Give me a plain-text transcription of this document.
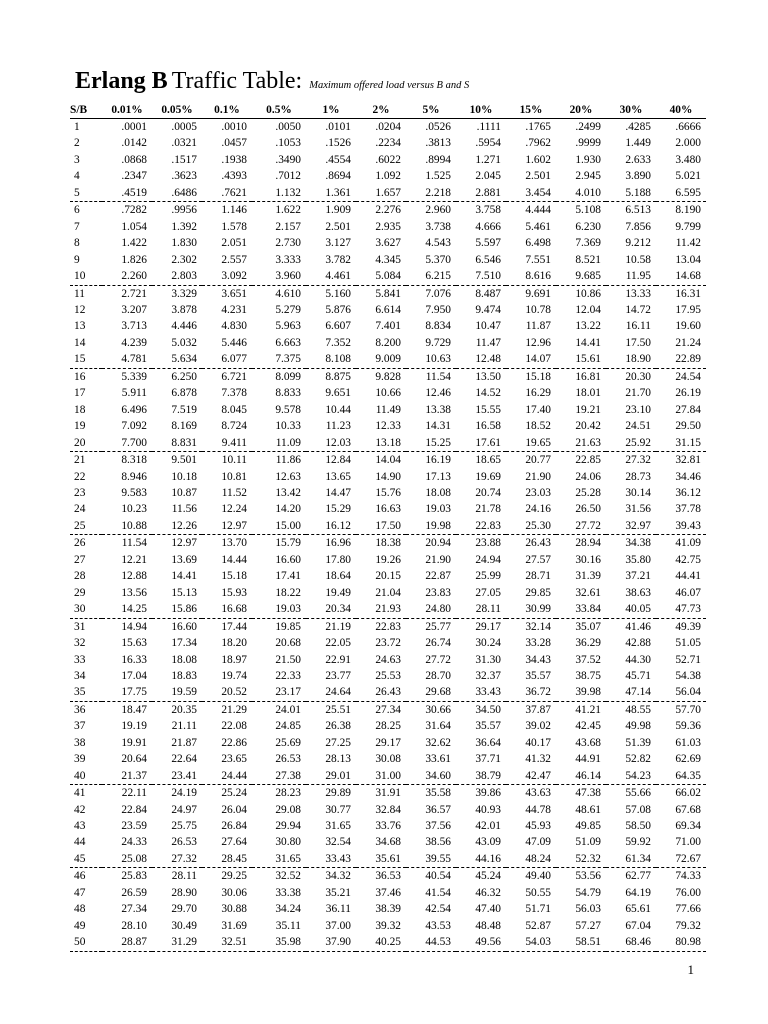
Erlang B Traffic Table: Maximum offered load versus B and S
S/B	0.01%	0.05%	0.1%	0.5%	1%	2%	5%	10%	15%	20%	30%	40%
1	.0001	.0005	.0010	.0050	.0101	.0204	.0526	.1111	.1765	.2499	.4285	.6666
2	.0142	.0321	.0457	.1053	.1526	.2234	.3813	.5954	.7962	.9999	1.449	2.000
3	.0868	.1517	.1938	.3490	.4554	.6022	.8994	1.271	1.602	1.930	2.633	3.480
4	.2347	.3623	.4393	.7012	.8694	1.092	1.525	2.045	2.501	2.945	3.890	5.021
5	.4519	.6486	.7621	1.132	1.361	1.657	2.218	2.881	3.454	4.010	5.188	6.595
6	.7282	.9956	1.146	1.622	1.909	2.276	2.960	3.758	4.444	5.108	6.513	8.190
7	1.054	1.392	1.578	2.157	2.501	2.935	3.738	4.666	5.461	6.230	7.856	9.799
8	1.422	1.830	2.051	2.730	3.127	3.627	4.543	5.597	6.498	7.369	9.212	11.42
9	1.826	2.302	2.557	3.333	3.782	4.345	5.370	6.546	7.551	8.521	10.58	13.04
10	2.260	2.803	3.092	3.960	4.461	5.084	6.215	7.510	8.616	9.685	11.95	14.68
11	2.721	3.329	3.651	4.610	5.160	5.841	7.076	8.487	9.691	10.86	13.33	16.31
12	3.207	3.878	4.231	5.279	5.876	6.614	7.950	9.474	10.78	12.04	14.72	17.95
13	3.713	4.446	4.830	5.963	6.607	7.401	8.834	10.47	11.87	13.22	16.11	19.60
14	4.239	5.032	5.446	6.663	7.352	8.200	9.729	11.47	12.96	14.41	17.50	21.24
15	4.781	5.634	6.077	7.375	8.108	9.009	10.63	12.48	14.07	15.61	18.90	22.89
16	5.339	6.250	6.721	8.099	8.875	9.828	11.54	13.50	15.18	16.81	20.30	24.54
17	5.911	6.878	7.378	8.833	9.651	10.66	12.46	14.52	16.29	18.01	21.70	26.19
18	6.496	7.519	8.045	9.578	10.44	11.49	13.38	15.55	17.40	19.21	23.10	27.84
19	7.092	8.169	8.724	10.33	11.23	12.33	14.31	16.58	18.52	20.42	24.51	29.50
20	7.700	8.831	9.411	11.09	12.03	13.18	15.25	17.61	19.65	21.63	25.92	31.15
21	8.318	9.501	10.11	11.86	12.84	14.04	16.19	18.65	20.77	22.85	27.32	32.81
22	8.946	10.18	10.81	12.63	13.65	14.90	17.13	19.69	21.90	24.06	28.73	34.46
23	9.583	10.87	11.52	13.42	14.47	15.76	18.08	20.74	23.03	25.28	30.14	36.12
24	10.23	11.56	12.24	14.20	15.29	16.63	19.03	21.78	24.16	26.50	31.56	37.78
25	10.88	12.26	12.97	15.00	16.12	17.50	19.98	22.83	25.30	27.72	32.97	39.43
26	11.54	12.97	13.70	15.79	16.96	18.38	20.94	23.88	26.43	28.94	34.38	41.09
27	12.21	13.69	14.44	16.60	17.80	19.26	21.90	24.94	27.57	30.16	35.80	42.75
28	12.88	14.41	15.18	17.41	18.64	20.15	22.87	25.99	28.71	31.39	37.21	44.41
29	13.56	15.13	15.93	18.22	19.49	21.04	23.83	27.05	29.85	32.61	38.63	46.07
30	14.25	15.86	16.68	19.03	20.34	21.93	24.80	28.11	30.99	33.84	40.05	47.73
31	14.94	16.60	17.44	19.85	21.19	22.83	25.77	29.17	32.14	35.07	41.46	49.39
32	15.63	17.34	18.20	20.68	22.05	23.72	26.74	30.24	33.28	36.29	42.88	51.05
33	16.33	18.08	18.97	21.50	22.91	24.63	27.72	31.30	34.43	37.52	44.30	52.71
34	17.04	18.83	19.74	22.33	23.77	25.53	28.70	32.37	35.57	38.75	45.71	54.38
35	17.75	19.59	20.52	23.17	24.64	26.43	29.68	33.43	36.72	39.98	47.14	56.04
36	18.47	20.35	21.29	24.01	25.51	27.34	30.66	34.50	37.87	41.21	48.55	57.70
37	19.19	21.11	22.08	24.85	26.38	28.25	31.64	35.57	39.02	42.45	49.98	59.36
38	19.91	21.87	22.86	25.69	27.25	29.17	32.62	36.64	40.17	43.68	51.39	61.03
39	20.64	22.64	23.65	26.53	28.13	30.08	33.61	37.71	41.32	44.91	52.82	62.69
40	21.37	23.41	24.44	27.38	29.01	31.00	34.60	38.79	42.47	46.14	54.23	64.35
41	22.11	24.19	25.24	28.23	29.89	31.91	35.58	39.86	43.63	47.38	55.66	66.02
42	22.84	24.97	26.04	29.08	30.77	32.84	36.57	40.93	44.78	48.61	57.08	67.68
43	23.59	25.75	26.84	29.94	31.65	33.76	37.56	42.01	45.93	49.85	58.50	69.34
44	24.33	26.53	27.64	30.80	32.54	34.68	38.56	43.09	47.09	51.09	59.92	71.00
45	25.08	27.32	28.45	31.65	33.43	35.61	39.55	44.16	48.24	52.32	61.34	72.67
46	25.83	28.11	29.25	32.52	34.32	36.53	40.54	45.24	49.40	53.56	62.77	74.33
47	26.59	28.90	30.06	33.38	35.21	37.46	41.54	46.32	50.55	54.79	64.19	76.00
48	27.34	29.70	30.88	34.24	36.11	38.39	42.54	47.40	51.71	56.03	65.61	77.66
49	28.10	30.49	31.69	35.11	37.00	39.32	43.53	48.48	52.87	57.27	67.04	79.32
50	28.87	31.29	32.51	35.98	37.90	40.25	44.53	49.56	54.03	58.51	68.46	80.98
1
